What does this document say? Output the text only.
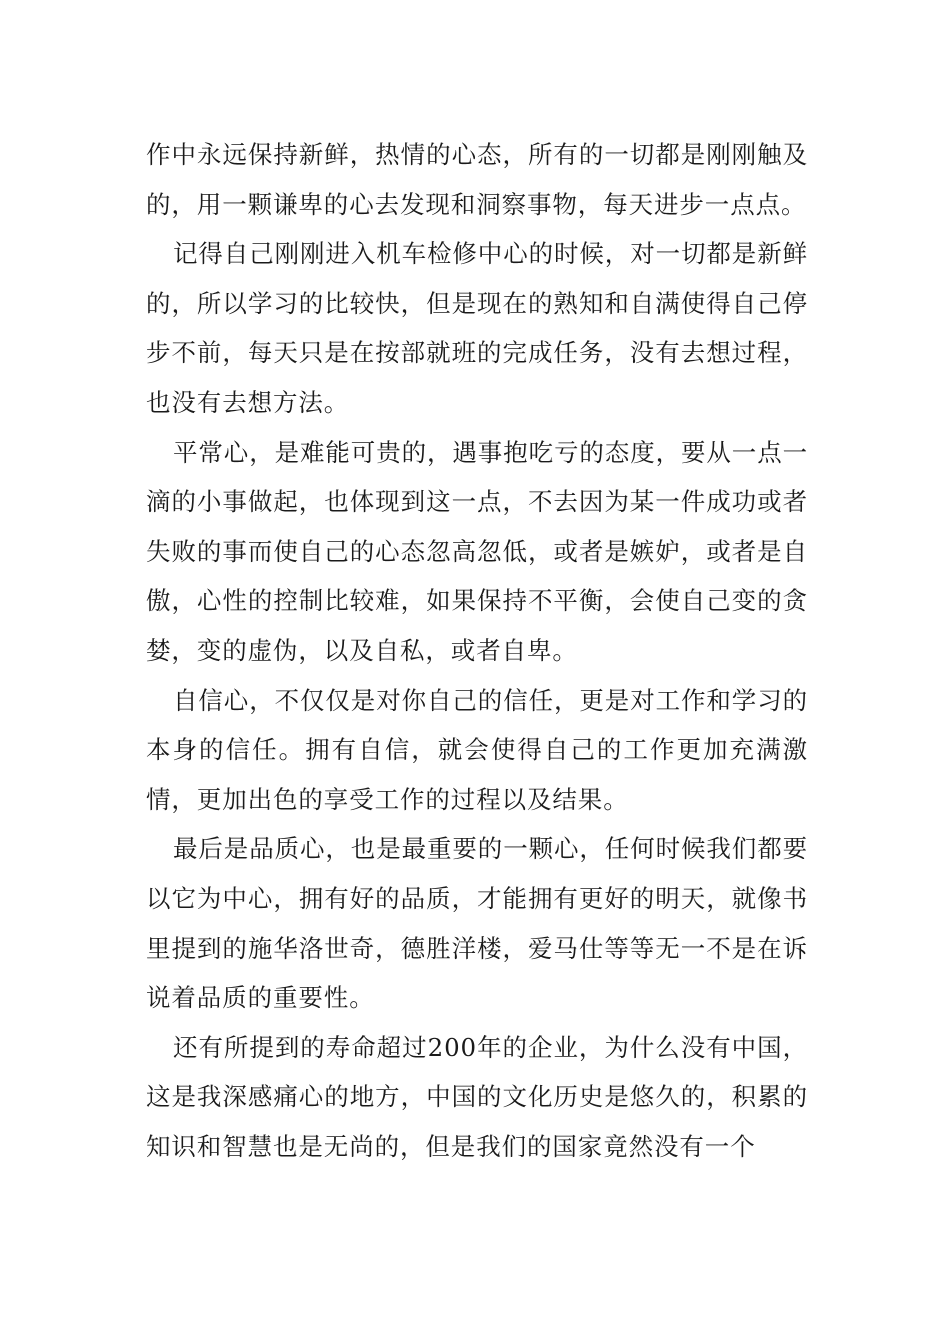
作中永远保持新鲜，热情的心态，所有的一切都是刚刚触及的，用一颗谦卑的心去发现和洞察事物，每天进步一点点。

记得自己刚刚进入机车检修中心的时候，对一切都是新鲜的，所以学习的比较快，但是现在的熟知和自满使得自己停步不前，每天只是在按部就班的完成任务，没有去想过程，也没有去想方法。

平常心，是难能可贵的，遇事抱吃亏的态度，要从一点一滴的小事做起，也体现到这一点，不去因为某一件成功或者失败的事而使自己的心态忽高忽低，或者是嫉妒，或者是自傲，心性的控制比较难，如果保持不平衡，会使自己变的贪婪，变的虚伪，以及自私，或者自卑。

自信心，不仅仅是对你自己的信任，更是对工作和学习的本身的信任。拥有自信，就会使得自己的工作更加充满激情，更加出色的享受工作的过程以及结果。

最后是品质心，也是最重要的一颗心，任何时候我们都要以它为中心，拥有好的品质，才能拥有更好的明天，就像书里提到的施华洛世奇，德胜洋楼，爱马仕等等无一不是在诉说着品质的重要性。

还有所提到的寿命超过200年的企业，为什么没有中国，这是我深感痛心的地方，中国的文化历史是悠久的，积累的知识和智慧也是无尚的，但是我们的国家竟然没有一个
